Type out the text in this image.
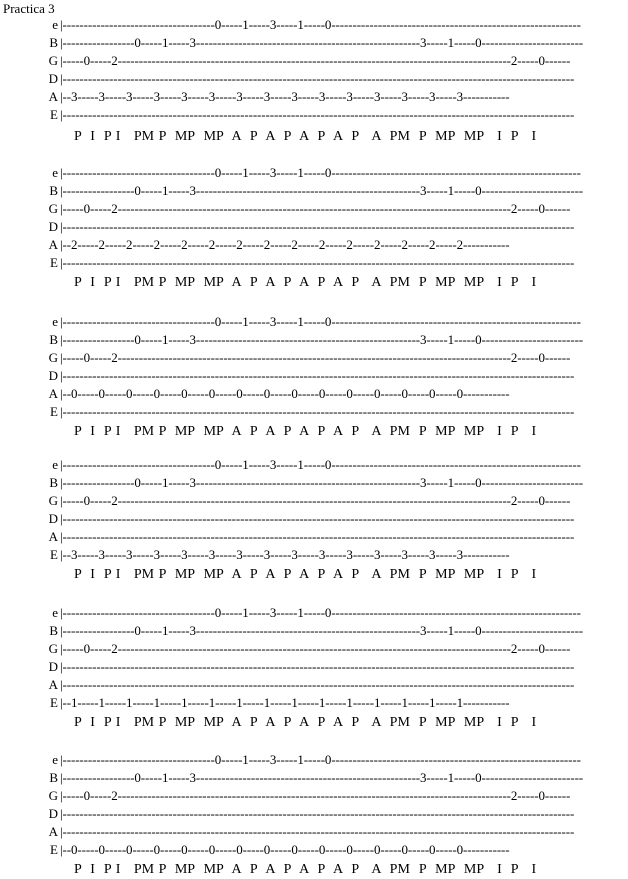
Practica 3
e |------------------------------------0-----1-----3-----1-----0-----------------------------------------------------------
B |-----------------0-----1-----3-----------------------------------------------------3-----1-----0------------------------
G |-----0-----2---------------------------------------------------------------------------------------------2-----0------
D |-------------------------------------------------------------------------------------------------------------------------
A |--3-----3-----3-----3-----3-----3-----3-----3-----3-----3-----3-----3-----3-----3-----3-----------
E |-------------------------------------------------------------------------------------------------------------------------
P  I  P I   PM P  MP  MP  A  P  A  P  A  P  A  P   A  PM  P  MP  MP   I  P   I
e |------------------------------------0-----1-----3-----1-----0-----------------------------------------------------------
B |-----------------0-----1-----3-----------------------------------------------------3-----1-----0------------------------
G |-----0-----2---------------------------------------------------------------------------------------------2-----0------
D |-------------------------------------------------------------------------------------------------------------------------
A |--2-----2-----2-----2-----2-----2-----2-----2-----2-----2-----2-----2-----2-----2-----2-----------
E |-------------------------------------------------------------------------------------------------------------------------
P  I  P I   PM P  MP  MP  A  P  A  P  A  P  A  P   A  PM  P  MP  MP   I  P   I
e |------------------------------------0-----1-----3-----1-----0-----------------------------------------------------------
B |-----------------0-----1-----3-----------------------------------------------------3-----1-----0------------------------
G |-----0-----2---------------------------------------------------------------------------------------------2-----0------
D |-------------------------------------------------------------------------------------------------------------------------
A |--0-----0-----0-----0-----0-----0-----0-----0-----0-----0-----0-----0-----0-----0-----0-----------
E |-------------------------------------------------------------------------------------------------------------------------
P  I  P I   PM P  MP  MP  A  P  A  P  A  P  A  P   A  PM  P  MP  MP   I  P   I
e |------------------------------------0-----1-----3-----1-----0-----------------------------------------------------------
B |-----------------0-----1-----3-----------------------------------------------------3-----1-----0------------------------
G |-----0-----2---------------------------------------------------------------------------------------------2-----0------
D |-------------------------------------------------------------------------------------------------------------------------
A |-------------------------------------------------------------------------------------------------------------------------
E |--3-----3-----3-----3-----3-----3-----3-----3-----3-----3-----3-----3-----3-----3-----3-----------
P  I  P I   PM P  MP  MP  A  P  A  P  A  P  A  P   A  PM  P  MP  MP   I  P   I
e |------------------------------------0-----1-----3-----1-----0-----------------------------------------------------------
B |-----------------0-----1-----3-----------------------------------------------------3-----1-----0------------------------
G |-----0-----2---------------------------------------------------------------------------------------------2-----0------
D |-------------------------------------------------------------------------------------------------------------------------
A |-------------------------------------------------------------------------------------------------------------------------
E |--1-----1-----1-----1-----1-----1-----1-----1-----1-----1-----1-----1-----1-----1-----1-----------
P  I  P I   PM P  MP  MP  A  P  A  P  A  P  A  P   A  PM  P  MP  MP   I  P   I
e |------------------------------------0-----1-----3-----1-----0-----------------------------------------------------------
B |-----------------0-----1-----3-----------------------------------------------------3-----1-----0------------------------
G |-----0-----2---------------------------------------------------------------------------------------------2-----0------
D |-------------------------------------------------------------------------------------------------------------------------
A |-------------------------------------------------------------------------------------------------------------------------
E |--0-----0-----0-----0-----0-----0-----0-----0-----0-----0-----0-----0-----0-----0-----0-----------
P  I  P I   PM P  MP  MP  A  P  A  P  A  P  A  P   A  PM  P  MP  MP   I  P   I
